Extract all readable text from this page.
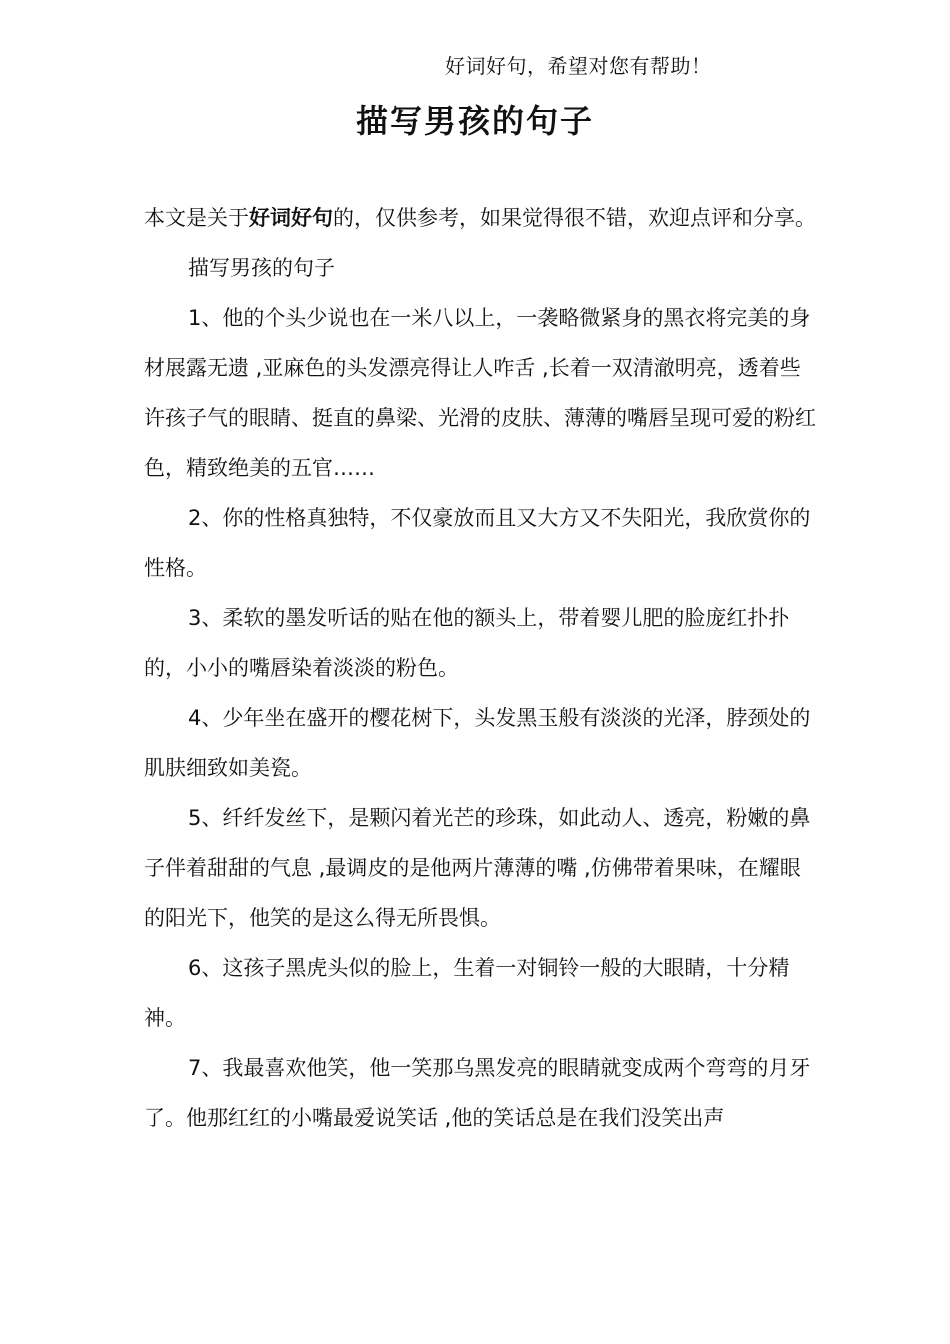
好词好句，希望对您有帮助！
描写男孩的句子

本文是关于好词好句的，仅供参考，如果觉得很不错，欢迎点评和分享。

描写男孩的句子

1、他的个头少说也在一米八以上，一袭略微紧身的黑衣将完美的身材展露无遗 ,亚麻色的头发漂亮得让人咋舌 ,长着一双清澈明亮，透着些许孩子气的眼睛、挺直的鼻梁、光滑的皮肤、薄薄的嘴唇呈现可爱的粉红色，精致绝美的五官……

2、你的性格真独特，不仅豪放而且又大方又不失阳光，我欣赏你的性格。

3、柔软的墨发听话的贴在他的额头上，带着婴儿肥的脸庞红扑扑的，小小的嘴唇染着淡淡的粉色。

4、少年坐在盛开的樱花树下，头发黑玉般有淡淡的光泽，脖颈处的肌肤细致如美瓷。

5、纤纤发丝下，是颗闪着光芒的珍珠，如此动人、透亮，粉嫩的鼻子伴着甜甜的气息 ,最调皮的是他两片薄薄的嘴 ,仿佛带着果味，在耀眼的阳光下，他笑的是这么得无所畏惧。

6、这孩子黑虎头似的脸上，生着一对铜铃一般的大眼睛，十分精神。

7、我最喜欢他笑，他一笑那乌黑发亮的眼睛就变成两个弯弯的月牙了。他那红红的小嘴最爱说笑话 ,他的笑话总是在我们没笑出声
